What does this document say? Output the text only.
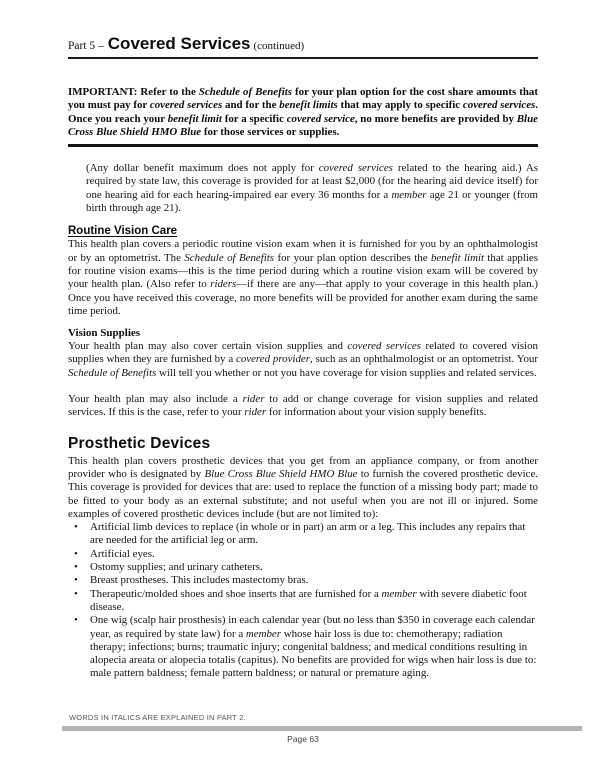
Part 5 – Covered Services (continued)

IMPORTANT: Refer to the Schedule of Benefits for your plan option for the cost share amounts that you must pay for covered services and for the benefit limits that may apply to specific covered services. Once you reach your benefit limit for a specific covered service, no more benefits are provided by Blue Cross Blue Shield HMO Blue for those services or supplies.

(Any dollar benefit maximum does not apply for covered services related to the hearing aid.) As required by state law, this coverage is provided for at least $2,000 (for the hearing aid device itself) for one hearing aid for each hearing-impaired ear every 36 months for a member age 21 or younger (from birth through age 21).

Routine Vision Care

This health plan covers a periodic routine vision exam when it is furnished for you by an ophthalmologist or by an optometrist. The Schedule of Benefits for your plan option describes the benefit limit that applies for routine vision exams—this is the time period during which a routine vision exam will be covered by your health plan. (Also refer to riders—if there are any—that apply to your coverage in this health plan.) Once you have received this coverage, no more benefits will be provided for another exam during the same time period.

Vision Supplies

Your health plan may also cover certain vision supplies and covered services related to covered vision supplies when they are furnished by a covered provider, such as an ophthalmologist or an optometrist. Your Schedule of Benefits will tell you whether or not you have coverage for vision supplies and related services.

Your health plan may also include a rider to add or change coverage for vision supplies and related services. If this is the case, refer to your rider for information about your vision supply benefits.

Prosthetic Devices

This health plan covers prosthetic devices that you get from an appliance company, or from another provider who is designated by Blue Cross Blue Shield HMO Blue to furnish the covered prosthetic device. This coverage is provided for devices that are: used to replace the function of a missing body part; made to be fitted to your body as an external substitute; and not useful when you are not ill or injured. Some examples of covered prosthetic devices include (but are not limited to):

•	Artificial limb devices to replace (in whole or in part) an arm or a leg. This includes any repairs that are needed for the artificial leg or arm.
•	Artificial eyes.
•	Ostomy supplies; and urinary catheters.
•	Breast prostheses. This includes mastectomy bras.
•	Therapeutic/molded shoes and shoe inserts that are furnished for a member with severe diabetic foot disease.
•	One wig (scalp hair prosthesis) in each calendar year (but no less than $350 in coverage each calendar year, as required by state law) for a member whose hair loss is due to: chemotherapy; radiation therapy; infections; burns; traumatic injury; congenital baldness; and medical conditions resulting in alopecia areata or alopecia totalis (capitus). No benefits are provided for wigs when hair loss is due to: male pattern baldness; female pattern baldness; or natural or premature aging.
WORDS IN ITALICS ARE EXPLAINED IN PART 2.
Page 63
